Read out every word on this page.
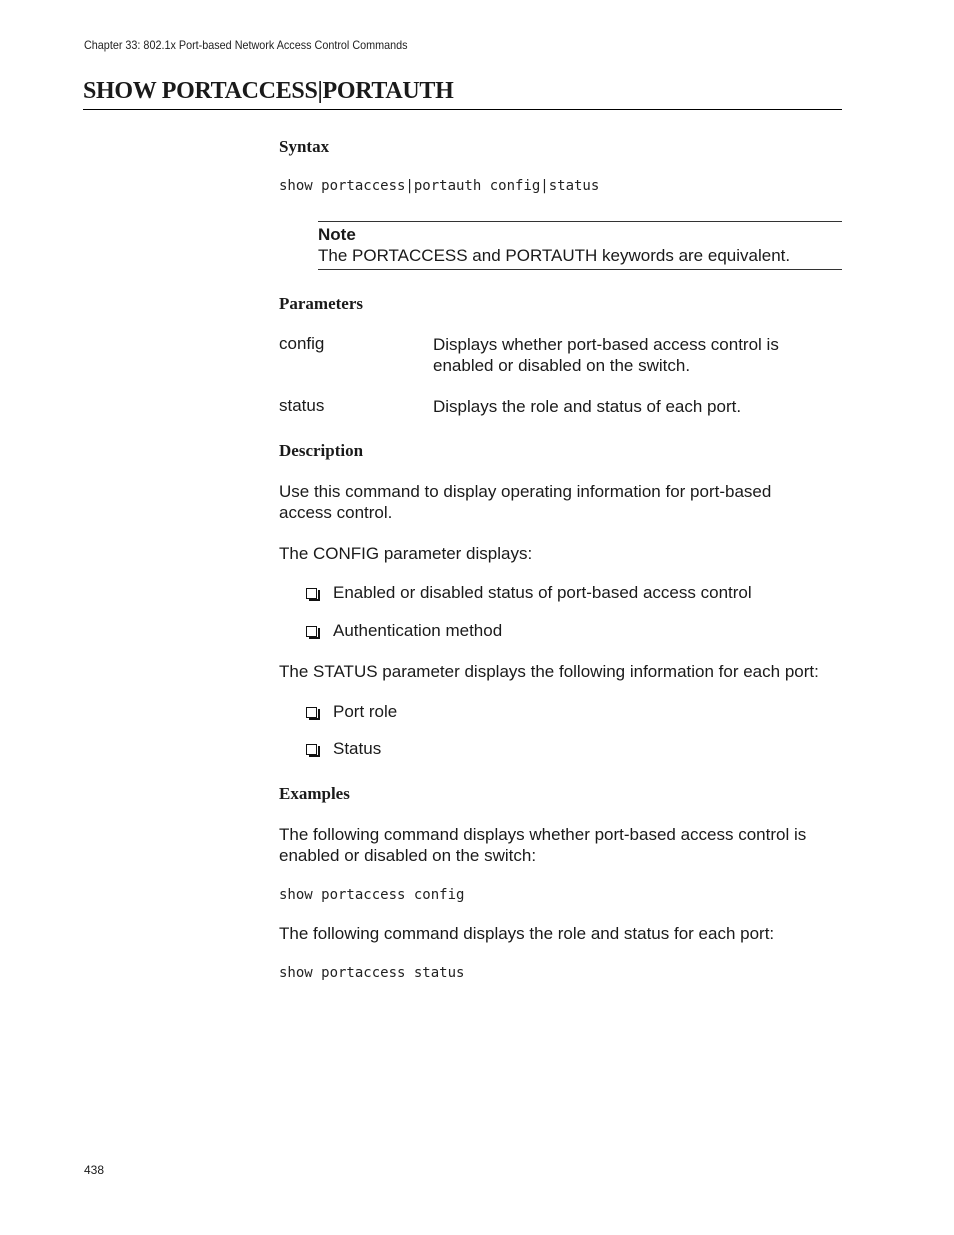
Chapter 33: 802.1x Port-based Network Access Control Commands
SHOW PORTACCESS|PORTAUTH
Syntax
show portaccess|portauth config|status
Note
The PORTACCESS and PORTAUTH keywords are equivalent.
Parameters
config	Displays whether port-based access control is enabled or disabled on the switch.
status	Displays the role and status of each port.
Description

Use this command to display operating information for port-based access control.

The CONFIG parameter displays:

Enabled or disabled status of port-based access control
Authentication method

The STATUS parameter displays the following information for each port:

Port role
Status
Examples

The following command displays whether port-based access control is enabled or disabled on the switch:

show portaccess config

The following command displays the role and status for each port:

show portaccess status
438
